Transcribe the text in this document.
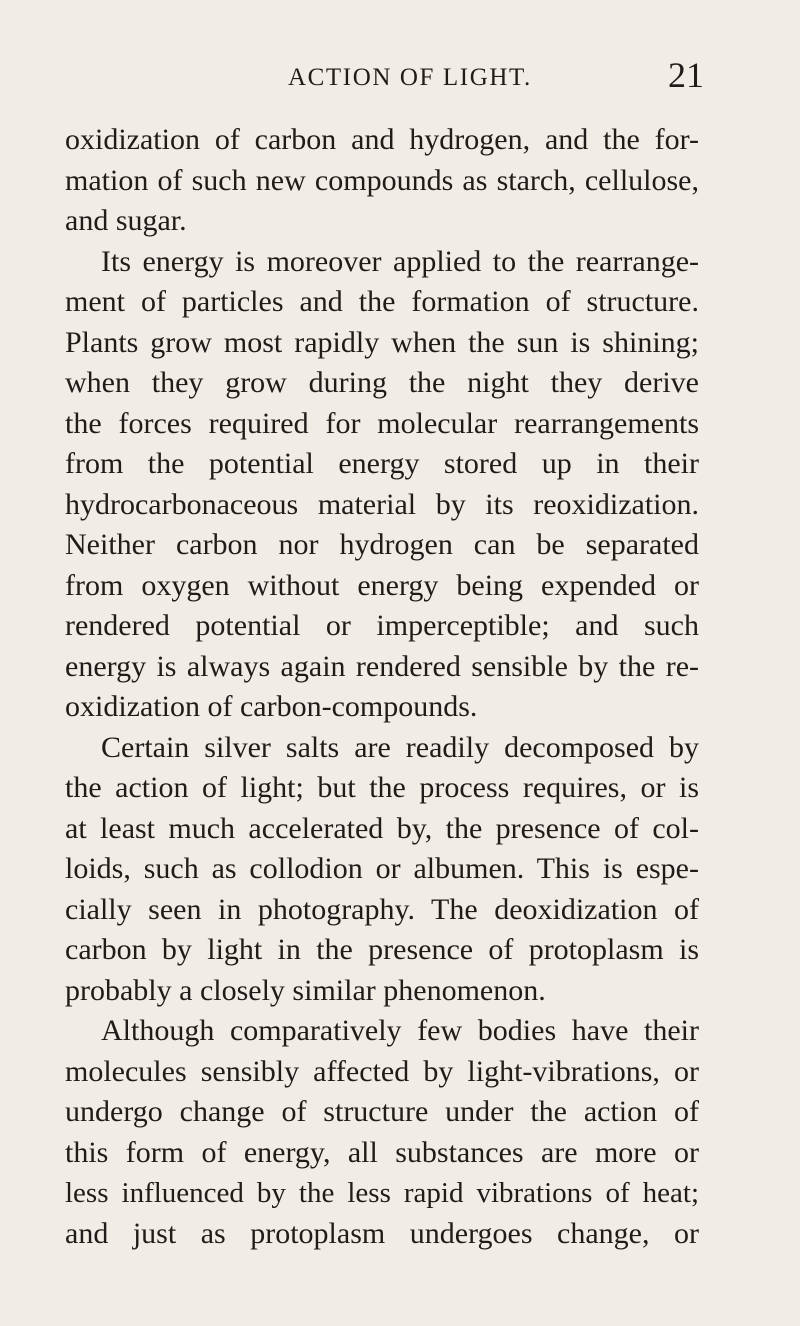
ACTION OF LIGHT.	21
oxidization of carbon and hydrogen, and the for-
mation of such new compounds as starch, cellulose,
and sugar.
Its energy is moreover applied to the rearrange-
ment of particles and the formation of structure.
Plants grow most rapidly when the sun is shining;
when they grow during the night they derive
the forces required for molecular rearrangements
from the potential energy stored up in their
hydrocarbonaceous material by its reoxidization.
Neither carbon nor hydrogen can be separated
from oxygen without energy being expended or
rendered potential or imperceptible; and such
energy is always again rendered sensible by the re-
oxidization of carbon-compounds.
Certain silver salts are readily decomposed by
the action of light; but the process requires, or is
at least much accelerated by, the presence of col-
loids, such as collodion or albumen. This is espe-
cially seen in photography. The deoxidization of
carbon by light in the presence of protoplasm is
probably a closely similar phenomenon.
Although comparatively few bodies have their
molecules sensibly affected by light-vibrations, or
undergo change of structure under the action of
this form of energy, all substances are more or
less influenced by the less rapid vibrations of heat;
and just as protoplasm undergoes change, or
